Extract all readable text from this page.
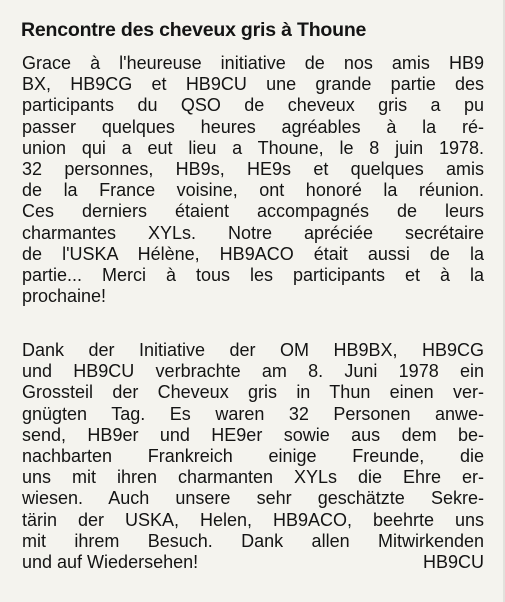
Rencontre des cheveux gris à Thoune

Grace à l'heureuse initiative de nos amis HB9
BX, HB9CG et HB9CU une grande partie des
participants du QSO de cheveux gris a pu
passer quelques heures agréables à la ré-
union qui a eut lieu a Thoune, le 8 juin 1978.
32 personnes, HB9s, HE9s et quelques amis
de la France voisine, ont honoré la réunion.
Ces derniers étaient accompagnés de leurs
charmantes XYLs. Notre apréciée secrétaire
de l'USKA Hélène, HB9ACO était aussi de la
partie... Merci à tous les participants et à la
prochaine!

Dank der Initiative der OM HB9BX, HB9CG
und HB9CU verbrachte am 8. Juni 1978 ein
Grossteil der Cheveux gris in Thun einen ver-
gnügten Tag. Es waren 32 Personen anwe-
send, HB9er und HE9er sowie aus dem be-
nachbarten Frankreich einige Freunde, die
uns mit ihren charmanten XYLs die Ehre er-
wiesen. Auch unsere sehr geschätzte Sekre-
tärin der USKA, Helen, HB9ACO, beehrte uns
mit ihrem Besuch. Dank allen Mitwirkenden
und auf Wiedersehen!	HB9CU
